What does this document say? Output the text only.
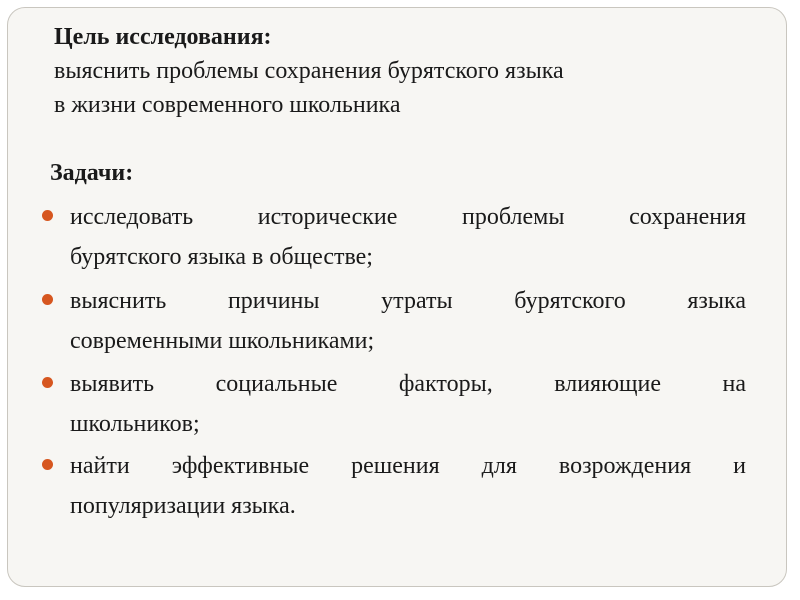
Цель исследования:
выяснить проблемы сохранения бурятского языка
в жизни современного школьника
Задачи:
исследовать исторические проблемы сохранения
бурятского языка в обществе;
выяснить причины утраты бурятского языка
современными школьниками;
выявить социальные факторы, влияющие на
школьников;
найти эффективные решения для возрождения и
популяризации языка.
